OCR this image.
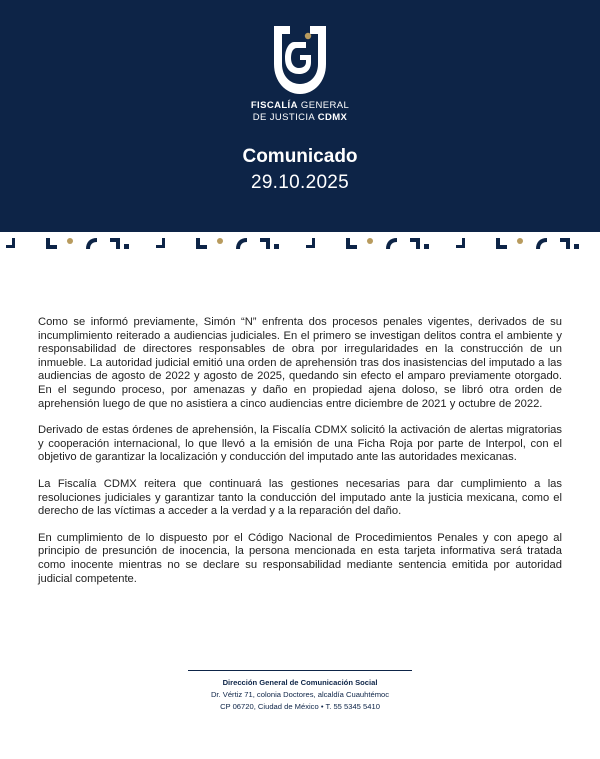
FISCALÍA GENERAL
DE JUSTICIA CDMX
Comunicado
29.10.2025

Como se informó previamente, Simón “N” enfrenta dos procesos penales vigentes, derivados de su incumplimiento reiterado a audiencias judiciales. En el primero se investigan delitos contra el ambiente y responsabilidad de directores responsables de obra por irregularidades en la construcción de un inmueble. La autoridad judicial emitió una orden de aprehensión tras dos inasistencias del imputado a las audiencias de agosto de 2022 y agosto de 2025, quedando sin efecto el amparo previamente otorgado. En el segundo proceso, por amenazas y daño en propiedad ajena doloso, se libró otra orden de aprehensión luego de que no asistiera a cinco audiencias entre diciembre de 2021 y octubre de 2022.

Derivado de estas órdenes de aprehensión, la Fiscalía CDMX solicitó la activación de alertas migratorias y cooperación internacional, lo que llevó a la emisión de una Ficha Roja por parte de Interpol, con el objetivo de garantizar la localización y conducción del imputado ante las autoridades mexicanas.

La Fiscalía CDMX reitera que continuará las gestiones necesarias para dar cumplimiento a las resoluciones judiciales y garantizar tanto la conducción del imputado ante la justicia mexicana, como el derecho de las víctimas a acceder a la verdad y a la reparación del daño.

En cumplimiento de lo dispuesto por el Código Nacional de Procedimientos Penales y con apego al principio de presunción de inocencia, la persona mencionada en esta tarjeta informativa será tratada como inocente mientras no se declare su responsabilidad mediante sentencia emitida por autoridad judicial competente.

Dirección General de Comunicación Social
Dr. Vértiz 71, colonia Doctores, alcaldía Cuauhtémoc
CP 06720, Ciudad de México • T. 55 5345 5410
